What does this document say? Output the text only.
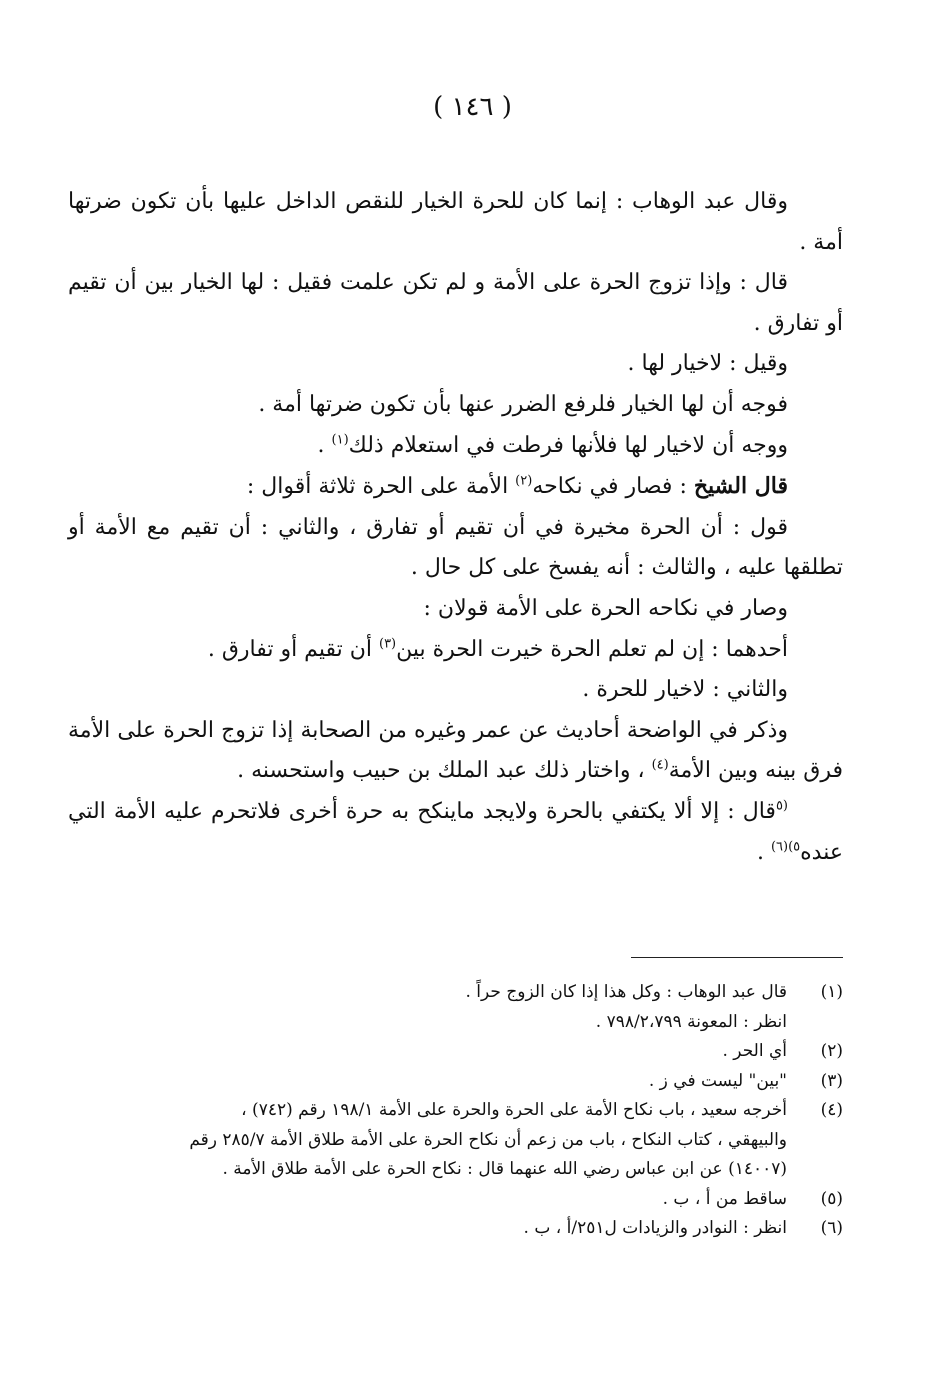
( ١٤٦ )

وقال عبد الوهاب : إنما كان للحرة الخيار للنقص الداخل عليها بأن تكون ضرتها أمة .

قال : وإذا تزوج الحرة على الأمة و لم تكن علمت فقيل : لها الخيار بين أن تقيم أو تفارق .

وقيل : لاخيار لها .

فوجه أن لها الخيار فلرفع الضرر عنها بأن تكون ضرتها أمة .

ووجه أن لاخيار لها فلأنها فرطت في استعلام ذلك$^{(١)}$ .

قال الشيخ : فصار في نكاحه$^{(٢)}$ الأمة على الحرة ثلاثة أقوال :

قول : أن الحرة مخيرة في أن تقيم أو تفارق ، والثاني : أن تقيم مع الأمة أو تطلقها عليه ، والثالث : أنه يفسخ على كل حال .

وصار في نكاحه الحرة على الأمة قولان :

أحدهما : إن لم تعلم الحرة خيرت الحرة بين$^{(٣)}$ أن تقيم أو تفارق .

والثاني : لاخيار للحرة .

وذكر في الواضحة أحاديث عن عمر وغيره من الصحابة إذا تزوج الحرة على الأمة فرق بينه وبين الأمة$^{(٤)}$ ، واختار ذلك عبد الملك بن حبيب واستحسنه .

$^{(٥}$قال : إلا ألا يكتفي بالحرة ولايجد ماينكح به حرة أخرى فلاتحرم عليه الأمة التي عنده$^{٥)(٦)}$ .

(١)
قال عبد الوهاب : وكل هذا إذا كان الزوج حراً .
انظر : المعونة ٧٩٨/٢،٧٩٩ .
(٢)
أي الحر .
(٣)
"بين" ليست في ز .
(٤)
أخرجه سعيد ، باب نكاح الأمة على الحرة والحرة على الأمة ١٩٨/١ رقم (٧٤٢) ،
والبيهقي ، كتاب النكاح ، باب من زعم أن نكاح الحرة على الأمة طلاق الأمة ٢٨٥/٧ رقم
(١٤٠٠٧) عن ابن عباس رضي الله عنهما قال : نكاح الحرة على الأمة طلاق الأمة .
(٥)
ساقط من أ ، ب .
(٦)
انظر : النوادر والزيادات ل٢٥١/أ ، ب .
